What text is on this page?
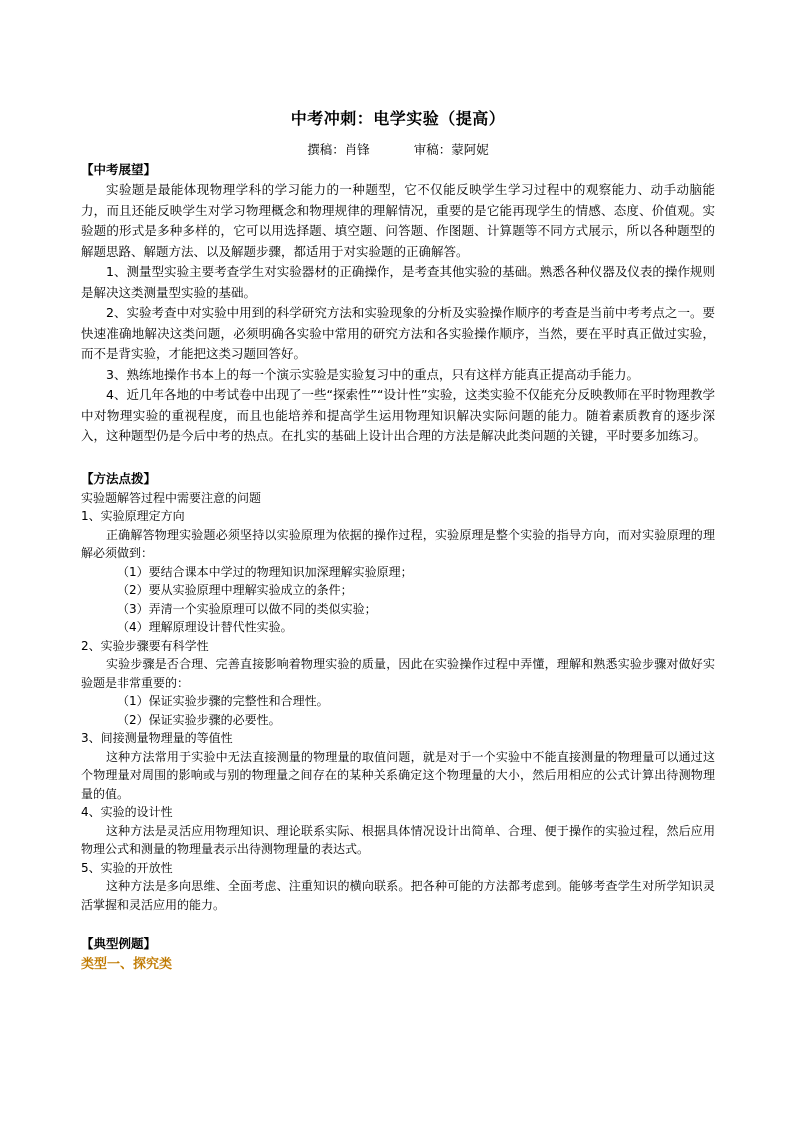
中考冲刺：电学实验（提高）
撰稿：肖锋	审稿：蒙阿妮

【中考展望】

实验题是最能体现物理学科的学习能力的一种题型，它不仅能反映学生学习过程中的观察能力、动手动脑能力，而且还能反映学生对学习物理概念和物理规律的理解情况，重要的是它能再现学生的情感、态度、价值观。实验题的形式是多种多样的，它可以用选择题、填空题、问答题、作图题、计算题等不同方式展示，所以各种题型的解题思路、解题方法、以及解题步骤，都适用于对实验题的正确解答。

1、测量型实验主要考查学生对实验器材的正确操作，是考查其他实验的基础。熟悉各种仪器及仪表的操作规则是解决这类测量型实验的基础。

2、实验考查中对实验中用到的科学研究方法和实验现象的分析及实验操作顺序的考查是当前中考考点之一。要快速准确地解决这类问题，必须明确各实验中常用的研究方法和各实验操作顺序，当然，要在平时真正做过实验，而不是背实验，才能把这类习题回答好。

3、熟练地操作书本上的每一个演示实验是实验复习中的重点，只有这样方能真正提高动手能力。

4、近几年各地的中考试卷中出现了一些“探索性”“设计性”实验，这类实验不仅能充分反映教师在平时物理教学中对物理实验的重视程度，而且也能培养和提高学生运用物理知识解决实际问题的能力。随着素质教育的逐步深入，这种题型仍是今后中考的热点。在扎实的基础上设计出合理的方法是解决此类问题的关键，平时要多加练习。

【方法点拨】

实验题解答过程中需要注意的问题

1、实验原理定方向

正确解答物理实验题必须坚持以实验原理为依据的操作过程，实验原理是整个实验的指导方向，而对实验原理的理解必须做到：

（1）要结合课本中学过的物理知识加深理解实验原理；

（2）要从实验原理中理解实验成立的条件；

（3）弄清一个实验原理可以做不同的类似实验；

（4）理解原理设计替代性实验。

2、实验步骤要有科学性

实验步骤是否合理、完善直接影响着物理实验的质量，因此在实验操作过程中弄懂，理解和熟悉实验步骤对做好实验题是非常重要的：

（1）保证实验步骤的完整性和合理性。

（2）保证实验步骤的必要性。

3、间接测量物理量的等值性

这种方法常用于实验中无法直接测量的物理量的取值问题，就是对于一个实验中不能直接测量的物理量可以通过这个物理量对周围的影响或与别的物理量之间存在的某种关系确定这个物理量的大小，然后用相应的公式计算出待测物理量的值。

4、实验的设计性

这种方法是灵活应用物理知识、理论联系实际、根据具体情况设计出简单、合理、便于操作的实验过程，然后应用物理公式和测量的物理量表示出待测物理量的表达式。

5、实验的开放性

这种方法是多向思维、全面考虑、注重知识的横向联系。把各种可能的方法都考虑到。能够考查学生对所学知识灵活掌握和灵活应用的能力。

【典型例题】

类型一、探究类
